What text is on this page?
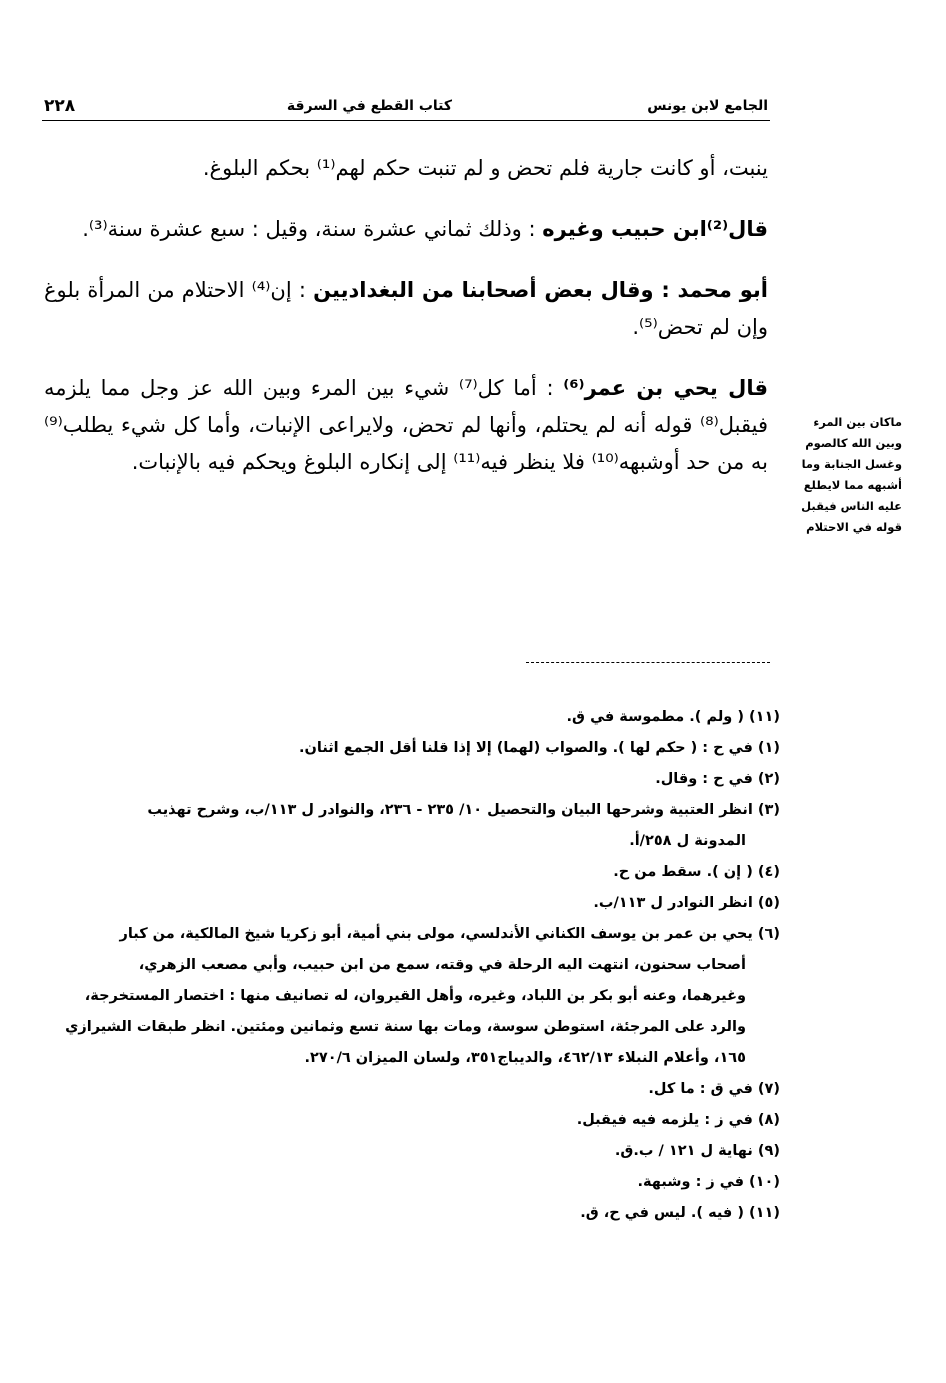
الجامع لابن يونس
كتاب القطع في السرقة
٢٢٨

ينبت، أو كانت جارية فلم تحض و لم تنبت حكم لهم⁽¹⁾ بحكم البلوغ.

قال⁽²⁾ابن حبيب وغيره : وذلك ثماني عشرة سنة، وقيل : سبع عشرة سنة⁽³⁾.

أبو محمد : وقال بعض أصحابنا من البغداديين : إن⁽⁴⁾ الاحتلام من المرأة بلوغ وإن لم تحض⁽⁵⁾.

قال يحي بن عمر⁽⁶⁾ : أما كل⁽⁷⁾ شيء بين المرء وبين الله عز وجل مما يلزمه فيقبل⁽⁸⁾ قوله أنه لم يحتلم، وأنها لم تحض، ولايراعى الإنبات، وأما كل شيء يطلب⁽⁹⁾ به من حد أوشبهه⁽¹⁰⁾ فلا ينظر فيه⁽¹¹⁾ إلى إنكاره البلوغ ويحكم فيه بالإنبات.

ماكان بين المرء وبين الله كالصوم وغسل الجنابة وما أشبهه مما لايطلع عليه الناس فيقبل قوله في الاحتلام

(١١) ( ولم ). مطموسة في ق.

(١) في ح : ( حكم لها ). والصواب (لهما) إلا إذا قلنا أقل الجمع اثنان.

(٢) في ح : وقال.

(٣) انظر العتبية وشرحها البيان والتحصيل ١٠/ ٢٣٥ - ٢٣٦، والنوادر ل ١١٣/ب، وشرح تهذيب

المدونة ل ٢٥٨/أ.

(٤) ( إن ). سقط من ح.

(٥) انظر النوادر ل ١١٣/ب.

(٦) يحي بن عمر بن يوسف الكناني الأندلسي، مولى بني أمية، أبو زكريا شيخ المالكية، من كبار

أصحاب سحنون، انتهت اليه الرحلة في وقته، سمع من ابن حبيب، وأبي مصعب الزهري،

وغيرهما، وعنه أبو بكر بن اللباد، وغيره، وأهل القيروان، له تصانيف منها : اختصار المستخرجة،

والرد على المرجئة، استوطن سوسة، ومات بها سنة تسع وثمانين ومئتين. انظر طبقات الشيرازي

١٦٥، وأعلام النبلاء ٤٦٢/١٣، والديباج٣٥١، ولسان الميزان ٢٧٠/٦.

(٧) في ق : ما كل.

(٨) في ز : يلزمه فيه فيقبل.

(٩) نهاية ل ١٢١ / ب.ق.

(١٠) في ز : وشبهة.

(١١) ( فيه ). ليس في ح، ق.
